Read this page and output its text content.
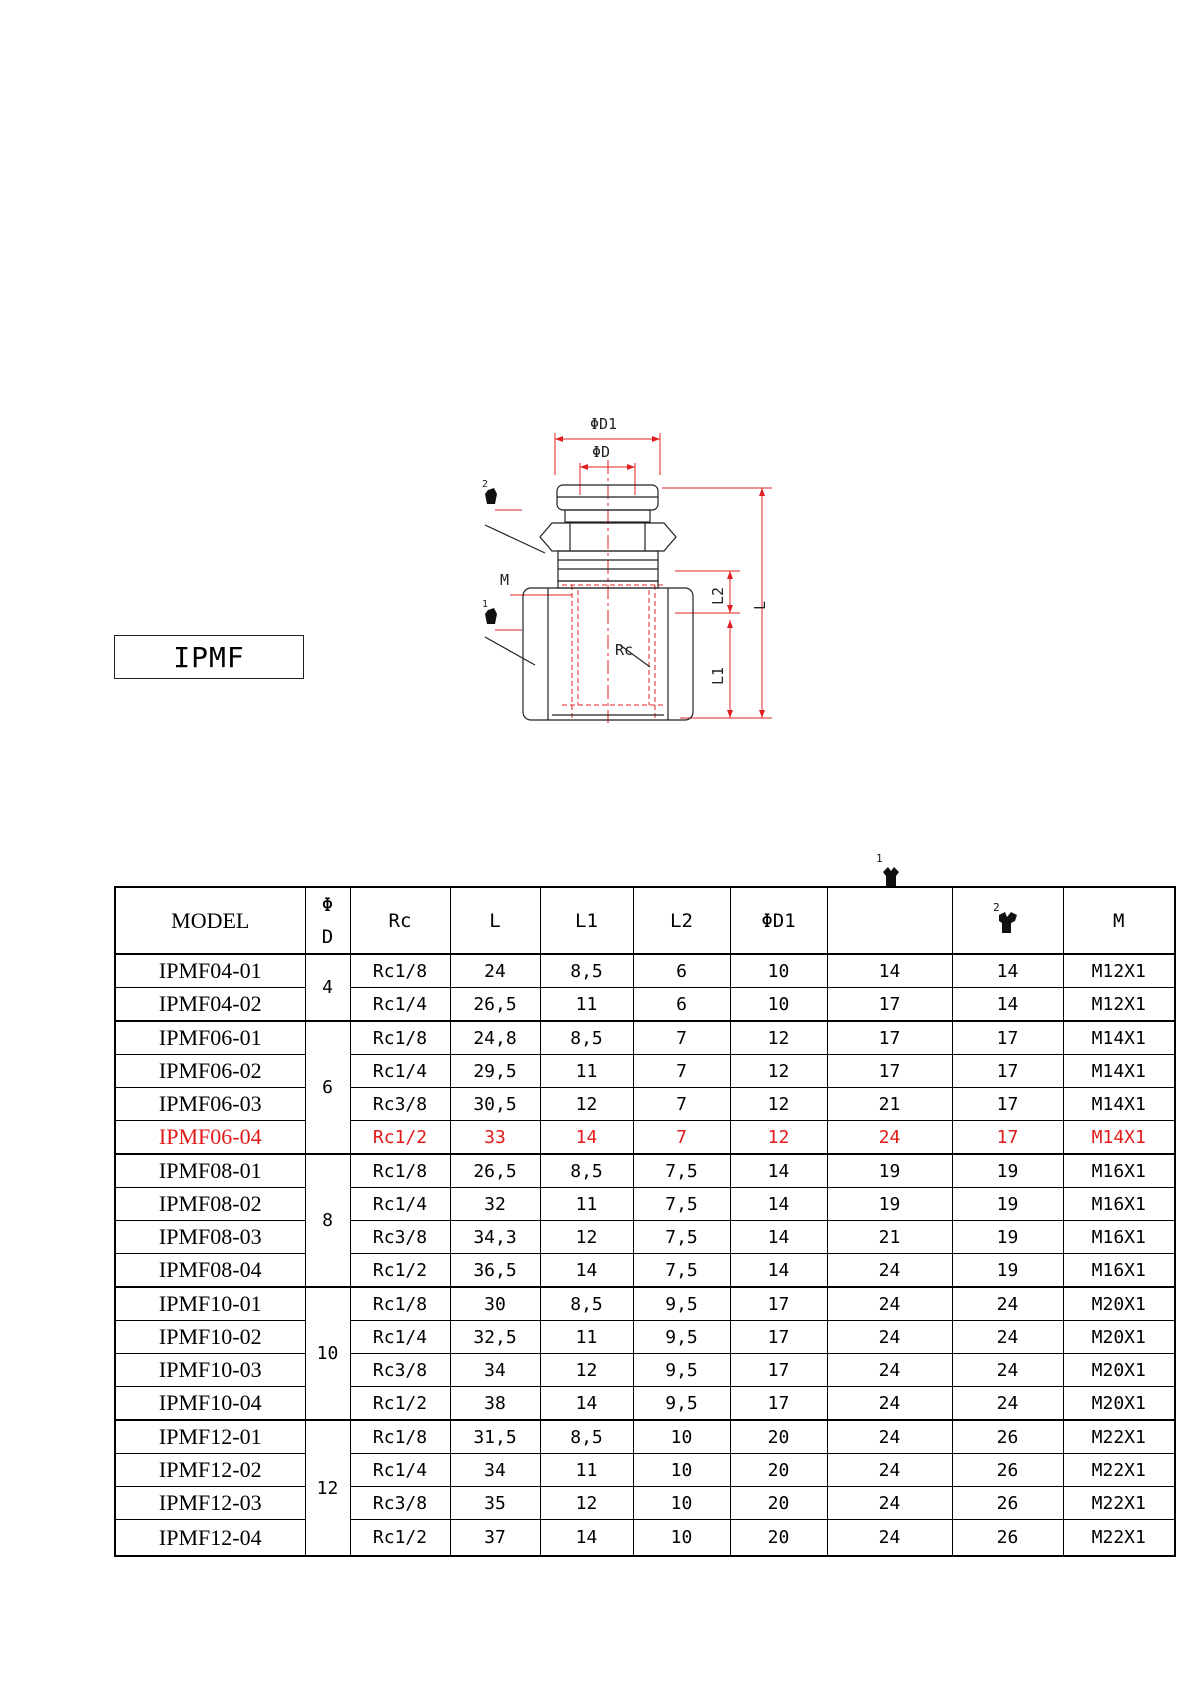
IPMF
ΦD1
ΦD
M
Rc
2
1	L2
L
L1
1
MODEL	Φ
D	Rc	L	L1	L2	ΦD1		2	M
IPMF04-01	4	Rc1/8	24	8,5	6	10	14	14	M12X1
IPMF04-02		Rc1/4	26,5	11	6	10	17	14	M12X1
IPMF06-01	6	Rc1/8	24,8	8,5	7	12	17	17	M14X1
IPMF06-02		Rc1/4	29,5	11	7	12	17	17	M14X1
IPMF06-03		Rc3/8	30,5	12	7	12	21	17	M14X1
IPMF06-04		Rc1/2	33	14	7	12	24	17	M14X1
IPMF08-01	8	Rc1/8	26,5	8,5	7,5	14	19	19	M16X1
IPMF08-02		Rc1/4	32	11	7,5	14	19	19	M16X1
IPMF08-03		Rc3/8	34,3	12	7,5	14	21	19	M16X1
IPMF08-04		Rc1/2	36,5	14	7,5	14	24	19	M16X1
IPMF10-01	10	Rc1/8	30	8,5	9,5	17	24	24	M20X1
IPMF10-02		Rc1/4	32,5	11	9,5	17	24	24	M20X1
IPMF10-03		Rc3/8	34	12	9,5	17	24	24	M20X1
IPMF10-04		Rc1/2	38	14	9,5	17	24	24	M20X1
IPMF12-01	12	Rc1/8	31,5	8,5	10	20	24	26	M22X1
IPMF12-02		Rc1/4	34	11	10	20	24	26	M22X1
IPMF12-03		Rc3/8	35	12	10	20	24	26	M22X1
IPMF12-04		Rc1/2	37	14	10	20	24	26	M22X1
